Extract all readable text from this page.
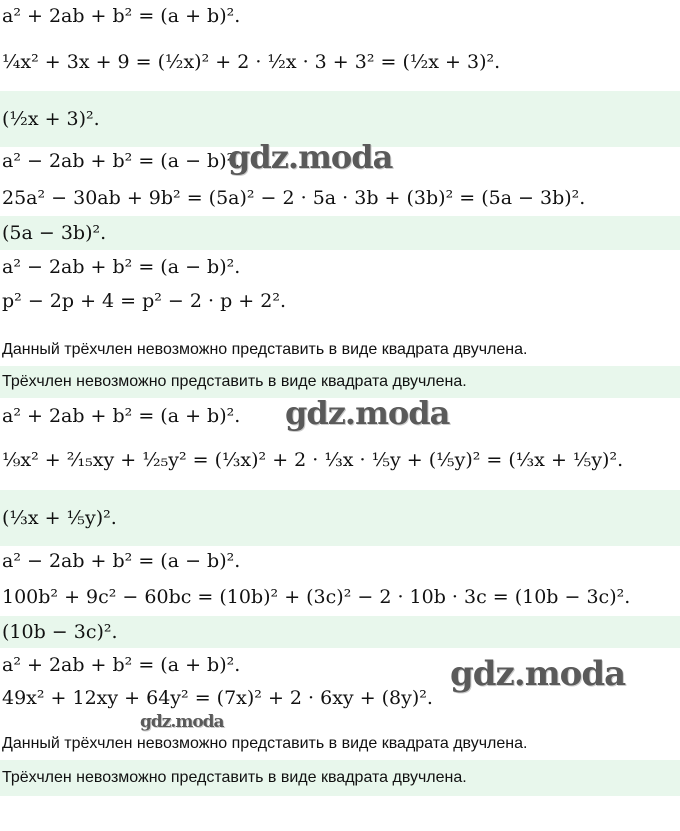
a² + 2ab + b² = (a + b)².
¼x² + 3x + 9 = (½x)² + 2 · ½x · 3 + 3² = (½x + 3)².
(½x + 3)².
a² − 2ab + b² = (a − b)².
25a² − 30ab + 9b² = (5a)² − 2 · 5a · 3b + (3b)² = (5a − 3b)².
(5a − 3b)².
a² − 2ab + b² = (a − b)².
p² − 2p + 4 = p² − 2 · p + 2².
Данный трёхчлен невозможно представить в виде квадрата двучлена.
Трёхчлен невозможно представить в виде квадрата двучлена.
a² + 2ab + b² = (a + b)².
⅑x² + ²⁄₁₅xy + ¹⁄₂₅y² = (⅓x)² + 2 · ⅓x · ⅕y + (⅕y)² = (⅓x + ⅕y)².
(⅓x + ⅕y)².
a² − 2ab + b² = (a − b)².
100b² + 9c² − 60bc = (10b)² + (3c)² − 2 · 10b · 3c = (10b − 3c)².
(10b − 3c)².
a² + 2ab + b² = (a + b)².
49x² + 12xy + 64y² = (7x)² + 2 · 6xy + (8y)².
Данный трёхчлен невозможно представить в виде квадрата двучлена.
Трёхчлен невозможно представить в виде квадрата двучлена.
gdz.moda
gdz.moda
gdz.moda
gdz.moda
